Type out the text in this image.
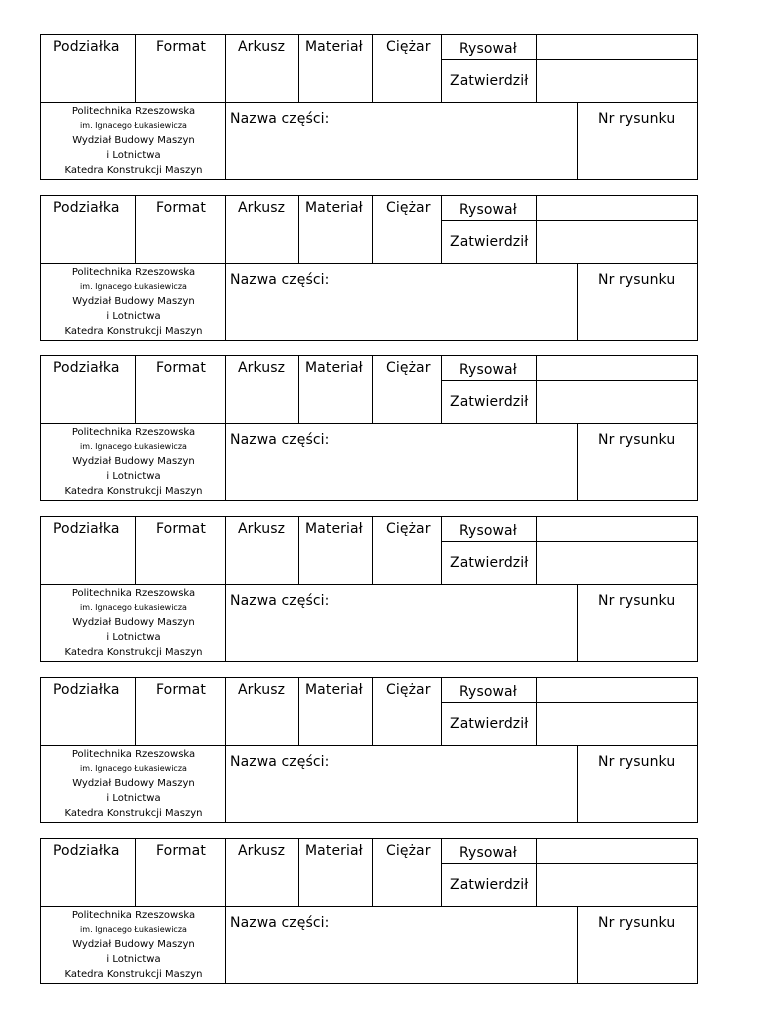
Podziałka	Format Arkusz Materiał Ciężar Rysował
Zatwierdził
Politechnika Rzeszowska
im. Ignacego Łukasiewicza
Wydział Budowy Maszyn
i Lotnictwa
Katedra Konstrukcji Maszyn
Nazwa części:	Nr rysunku
Podziałka	Format Arkusz Materiał Ciężar Rysował
Zatwierdził
Politechnika Rzeszowska
im. Ignacego Łukasiewicza
Wydział Budowy Maszyn
i Lotnictwa
Katedra Konstrukcji Maszyn
Nazwa części:	Nr rysunku
Podziałka	Format Arkusz Materiał Ciężar Rysował
Zatwierdził
Politechnika Rzeszowska
im. Ignacego Łukasiewicza
Wydział Budowy Maszyn
i Lotnictwa
Katedra Konstrukcji Maszyn
Nazwa części:	Nr rysunku
Podziałka	Format Arkusz Materiał Ciężar Rysował
Zatwierdził
Politechnika Rzeszowska
im. Ignacego Łukasiewicza
Wydział Budowy Maszyn
i Lotnictwa
Katedra Konstrukcji Maszyn
Nazwa części:	Nr rysunku
Podziałka	Format Arkusz Materiał Ciężar Rysował
Zatwierdził
Politechnika Rzeszowska
im. Ignacego Łukasiewicza
Wydział Budowy Maszyn
i Lotnictwa
Katedra Konstrukcji Maszyn
Nazwa części:	Nr rysunku
Podziałka	Format Arkusz Materiał Ciężar Rysował
Zatwierdził
Politechnika Rzeszowska
im. Ignacego Łukasiewicza
Wydział Budowy Maszyn
i Lotnictwa
Katedra Konstrukcji Maszyn
Nazwa części:	Nr rysunku
